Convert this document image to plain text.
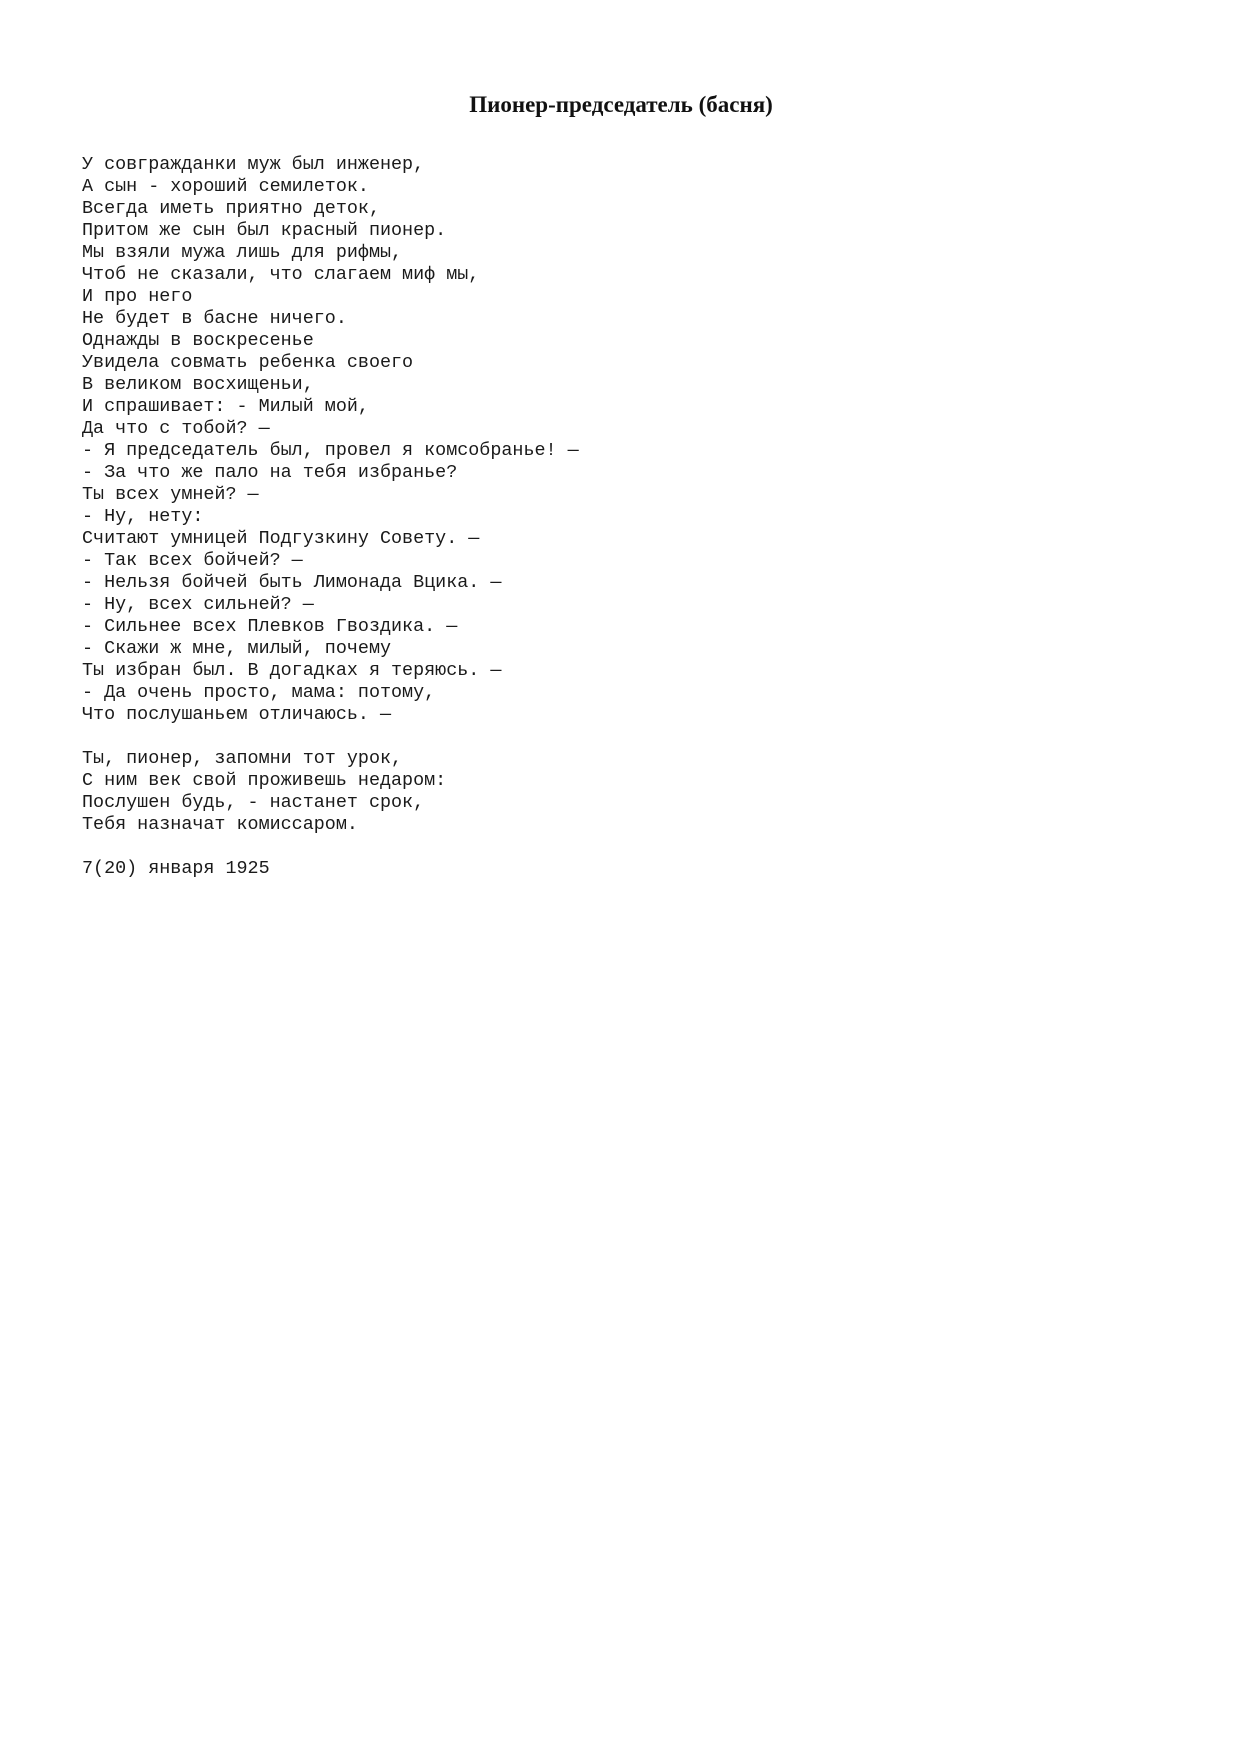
Пионер-председатель (басня)
У совгражданки муж был инженер,
А сын - хороший семилеток.
Всегда иметь приятно деток,
Притом же сын был красный пионер.
Мы взяли мужа лишь для рифмы,
Чтоб не сказали, что слагаем миф мы,
И про него
Не будет в басне ничего.
Однажды в воскресенье
Увидела совмать ребенка своего
В великом восхищеньи,
И спрашивает: - Милый мой,
Да что с тобой? —
- Я председатель был, провел я комсобранье! —
- За что же пало на тебя избранье?
Ты всех умней? —
- Ну, нету:
Считают умницей Подгузкину Совету. —
- Так всех бойчей? —
- Нельзя бойчей быть Лимонада Вцика. —
- Ну, всех сильней? —
- Сильнее всех Плевков Гвоздика. —
- Скажи ж мне, милый, почему
Ты избран был. В догадках я теряюсь. —
- Да очень просто, мама: потому,
Что послушаньем отличаюсь. —
Ты, пионер, запомни тот урок,
С ним век свой проживешь недаром:
Послушен будь, - настанет срок,
Тебя назначат комиссаром.
7(20) января 1925
